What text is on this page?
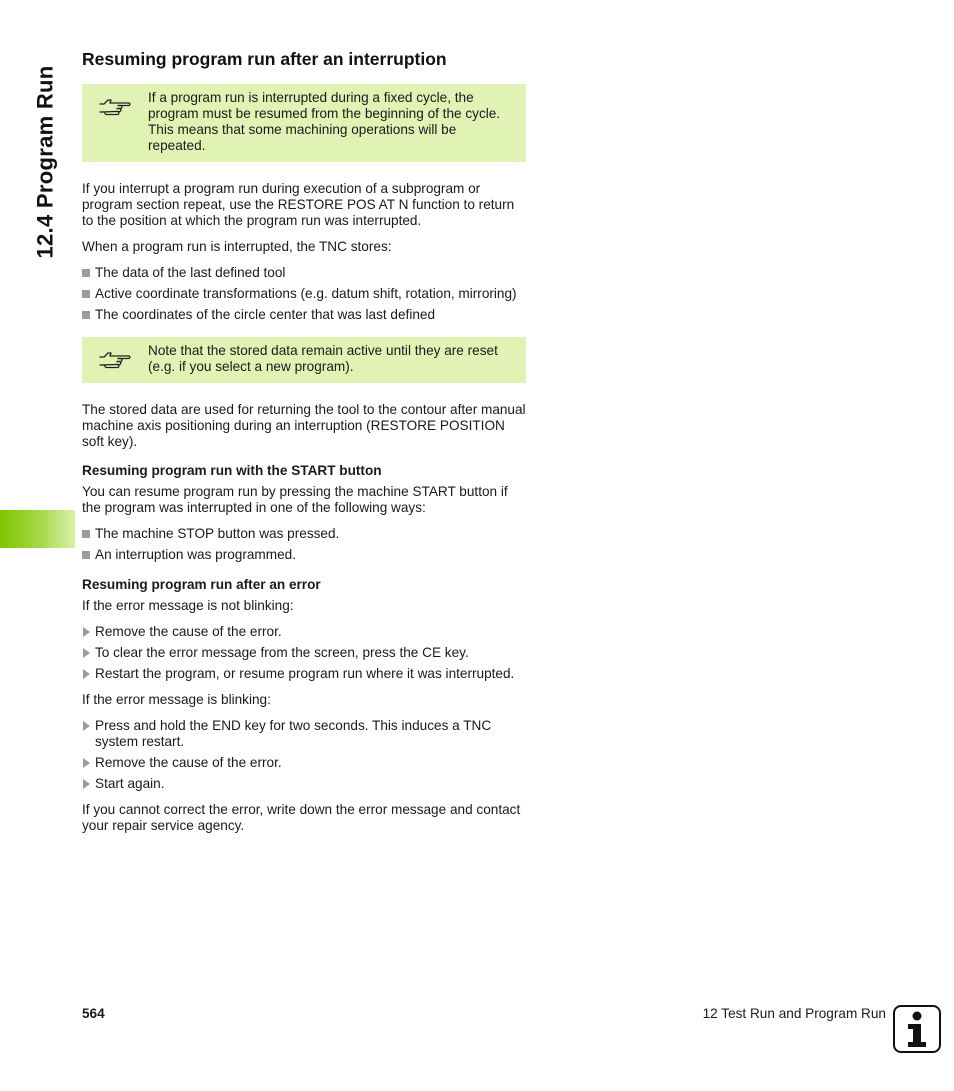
12.4 Program Run
Resuming program run after an interruption
If a program run is interrupted during a fixed cycle, the program must be resumed from the beginning of the cycle. This means that some machining operations will be repeated.

If you interrupt a program run during execution of a subprogram or program section repeat, use the RESTORE POS AT N function to return to the position at which the program run was interrupted.

When a program run is interrupted, the TNC stores:

The data of the last defined tool
Active coordinate transformations (e.g. datum shift, rotation, mirroring)
The coordinates of the circle center that was last defined
Note that the stored data remain active until they are reset (e.g. if you select a new program).

The stored data are used for returning the tool to the contour after manual machine axis positioning during an interruption (RESTORE POSITION soft key).

Resuming program run with the START button

You can resume program run by pressing the machine START button if the program was interrupted in one of the following ways:

The machine STOP button was pressed.
An interruption was programmed.
Resuming program run after an error

If the error message is not blinking:

Remove the cause of the error.
To clear the error message from the screen, press the CE key.
Restart the program, or resume program run where it was interrupted.

If the error message is blinking:

Press and hold the END key for two seconds. This induces a TNC system restart.
Remove the cause of the error.
Start again.

If you cannot correct the error, write down the error message and contact your repair service agency.

564	12 Test Run and Program Run
